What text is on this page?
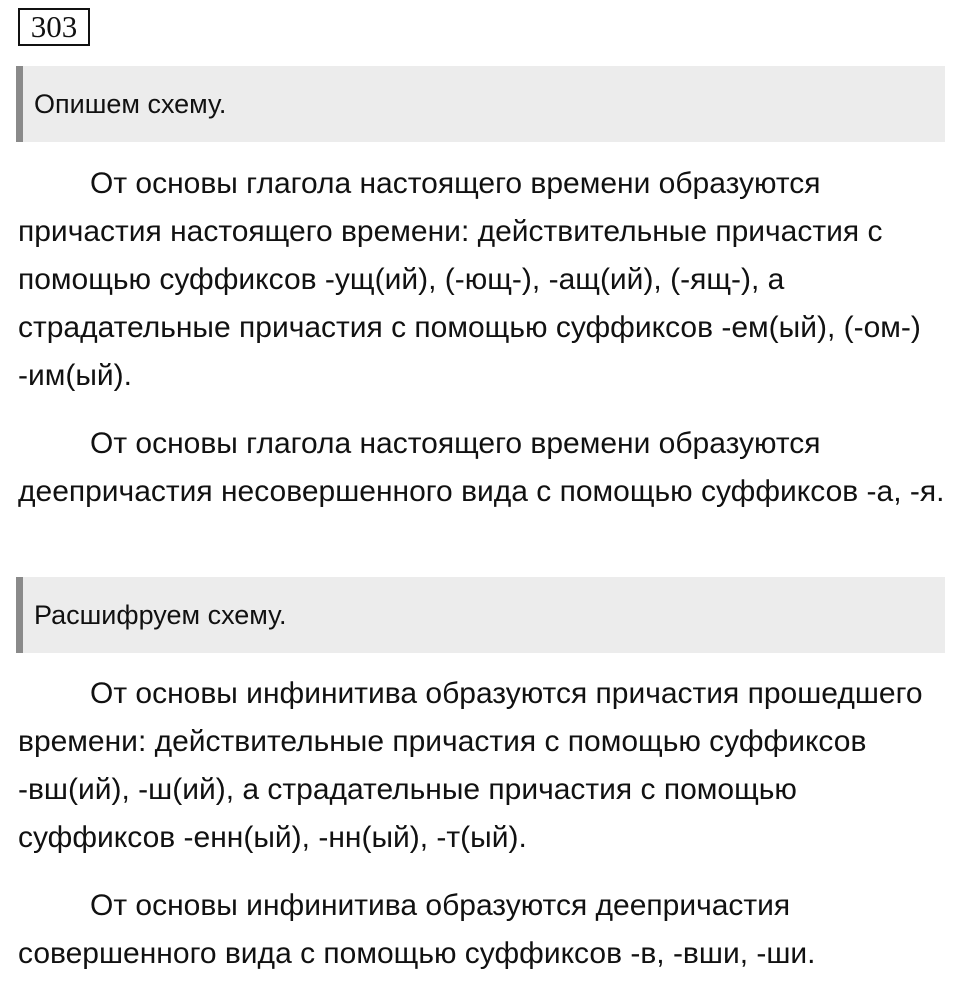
303
Опишем схему.

От основы глагола настоящего времени образуются причастия настоящего времени: действительные причастия с помощью суффиксов -ущ(ий), (-ющ-), -ащ(ий), (-ящ-), а страдательные причастия с помощью суффиксов -ем(ый), (-ом-) -им(ый).

От основы глагола настоящего времени образуются деепричастия несовершенного вида с помощью суффиксов -а, -я.

Расшифруем схему.

От основы инфинитива образуются причастия прошедшего времени: действительные причастия с помощью суффиксов -вш(ий), -ш(ий), а страдательные причастия с помощью суффиксов -енн(ый), -нн(ый), -т(ый).

От основы инфинитива образуются деепричастия совершенного вида с помощью суффиксов -в, -вши, -ши.
